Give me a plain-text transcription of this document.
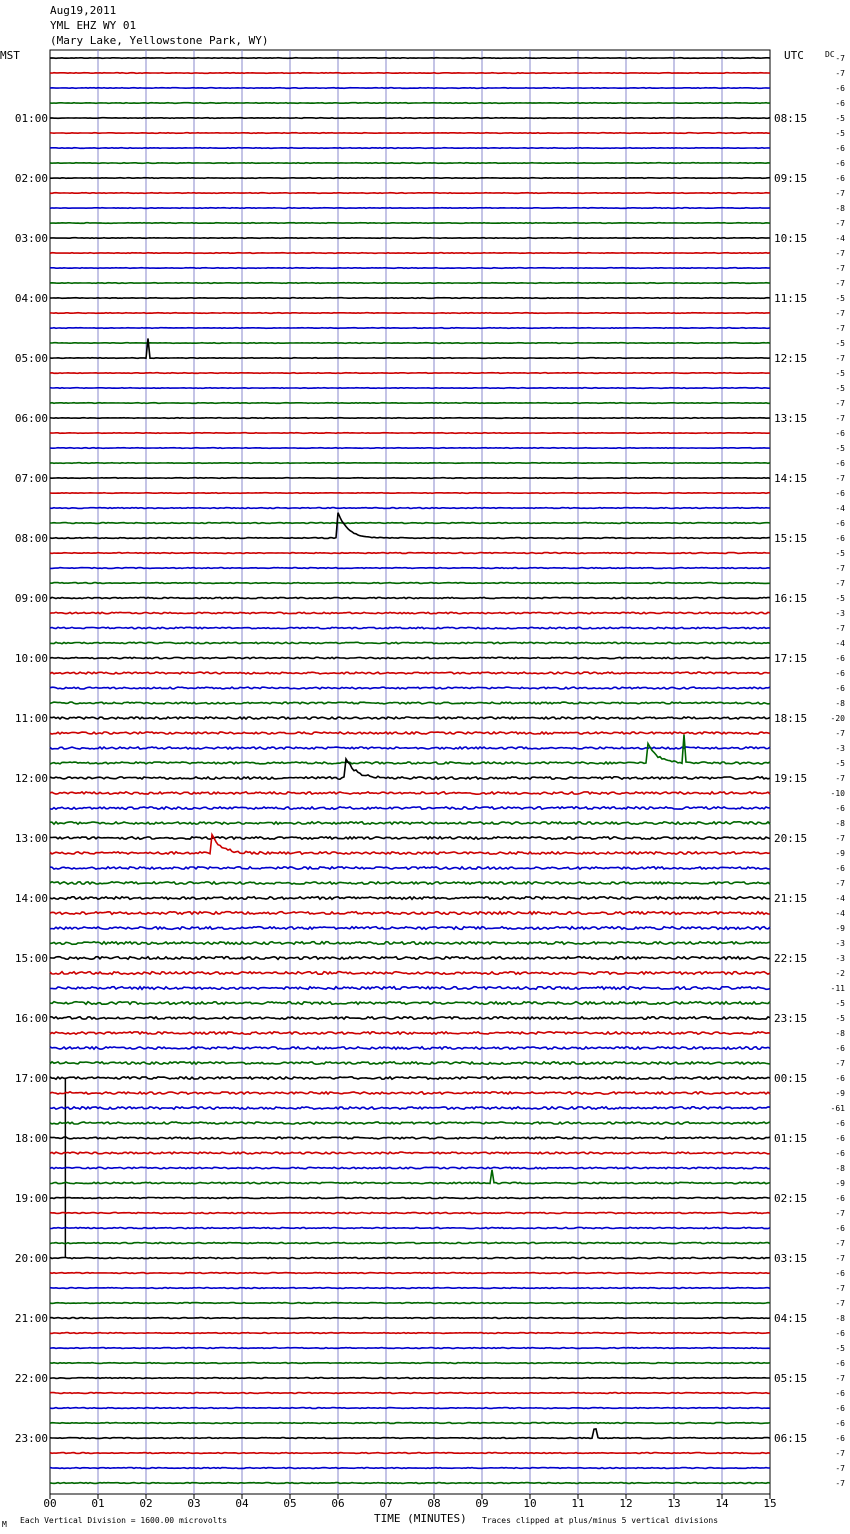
Aug19,2011
YML EHZ WY 01
(Mary Lake, Yellowstone Park, WY)
MST	UTC	DC
00	01	02	03	04	05	06	07	08	09	10	11	12	13	14	15
-7
-7
-6
-6
-5
01:00	08:15
-5
-6
-6
-6
02:00	09:15
-7
-8
-7
-4
03:00	10:15
-7
-7
-7
-5
04:00	11:15
-7
-7
-5
-7
05:00	12:15
-5
-5
-7
-7
06:00	13:15
-6
-5
-6
-7
07:00	14:15
-6
-4
-6
-6
08:00	15:15
-5
-7
-7
-5
09:00	16:15
-3
-7
-4
-6
10:00	17:15
-6
-6
-8
-20
11:00	18:15
-7
-3
-5
-7
12:00	19:15
-10
-6
-8
-7
13:00	20:15
-9
-6
-7
-4
14:00	21:15
-4
-9
-3
-3
15:00	22:15
-2
-11
-5
-5
16:00	23:15
-8
-6
-7
-6
17:00	00:15
-9
-61
-6
-6
18:00	01:15
-6
-8
-9
-6
19:00	02:15
-7
-6
-7
-7
20:00	03:15
-6
-7
-7
-8
21:00	04:15
-6
-5
-6
-7
22:00	05:15
-6
-6
-6
-6
23:00	06:15
-7
-7
-7
M Each Vertical Division = 1600.00 microvolts	TIME (MINUTES) Traces clipped at plus/minus 5 vertical divisions
